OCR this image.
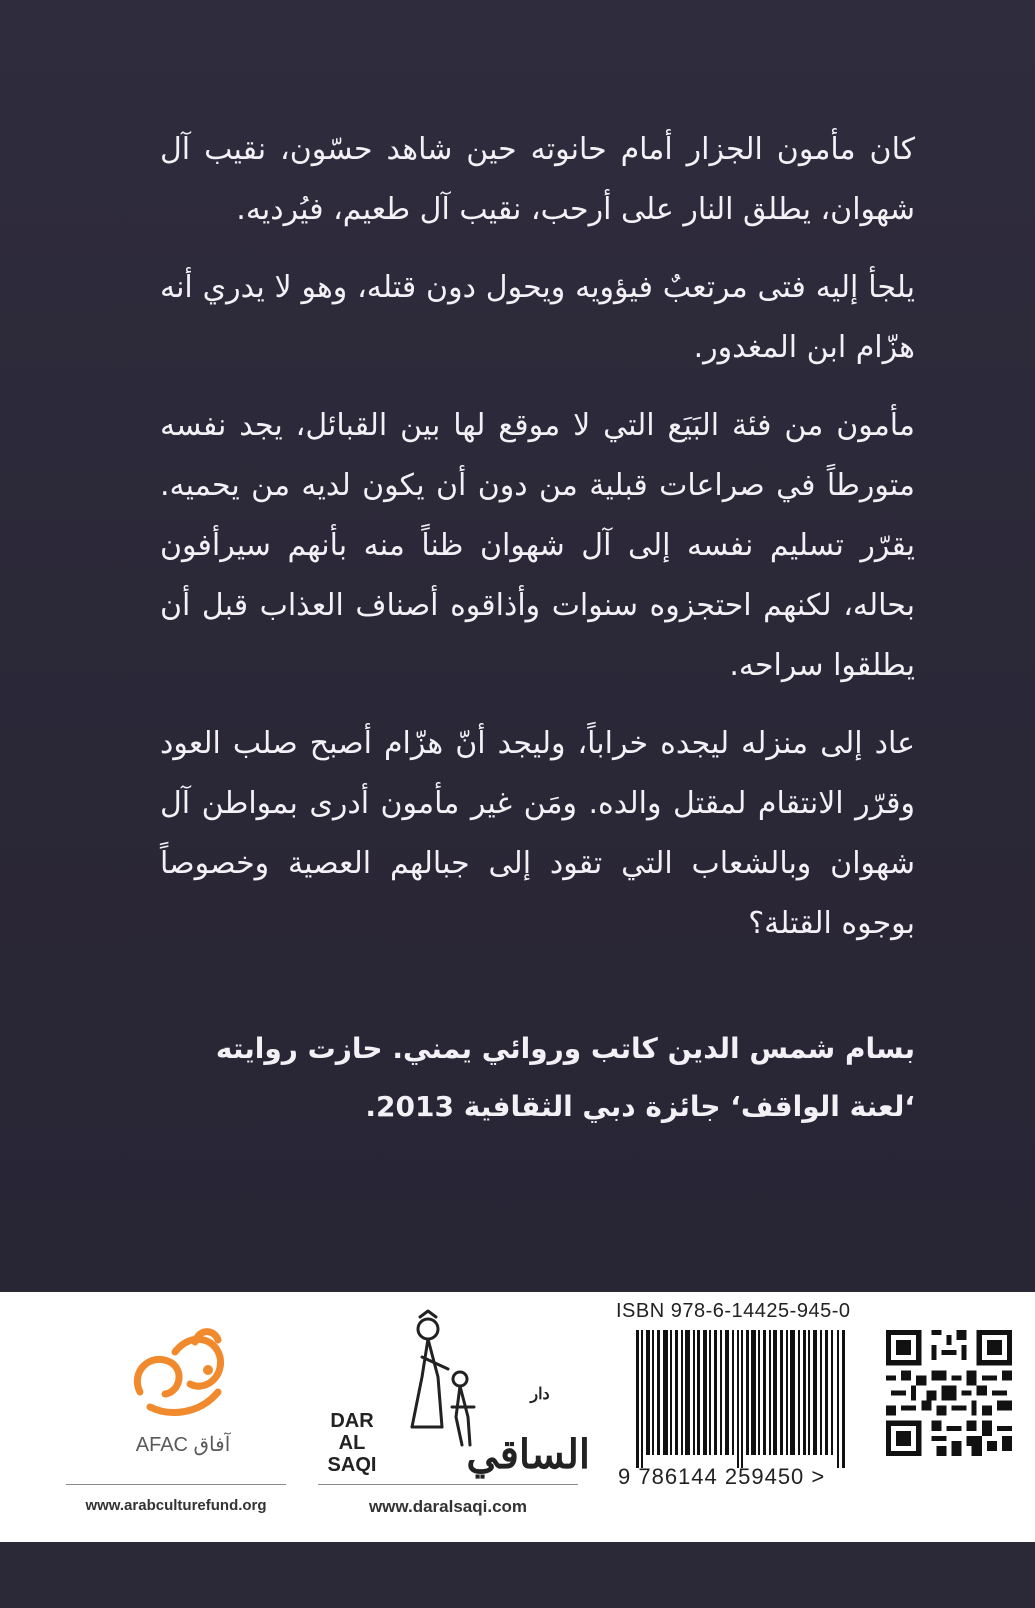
كان مأمون الجزار أمام حانوته حين شاهد حسّون، نقيب آل شهوان، يطلق النار على أرحب، نقيب آل طعيم، فيُرديه.

يلجأ إليه فتى مرتعبٌ فيؤويه ويحول دون قتله، وهو لا يدري أنه هزّام ابن المغدور.

مأمون من فئة البَيَع التي لا موقع لها بين القبائل، يجد نفسه متورطاً في صراعات قبلية من دون أن يكون لديه من يحميه. يقرّر تسليم نفسه إلى آل شهوان ظناً منه بأنهم سيرأفون بحاله، لكنهم احتجزوه سنوات وأذاقوه أصناف العذاب قبل أن يطلقوا سراحه.

عاد إلى منزله ليجده خراباً، وليجد أنّ هزّام أصبح صلب العود وقرّر الانتقام لمقتل والده. ومَن غير مأمون أدرى بمواطن آل شهوان وبالشعاب التي تقود إلى جبالهم العصية وخصوصاً بوجوه القتلة؟

بسام شمس الدين كاتب وروائي يمني. حازت روايته ‘لعنة الواقف‘ جائزة دبي الثقافية 2013.
AFAC آفاق
www.arabculturefund.org
DAR
AL SAQI
$^{دار}$ الساقي
www.daralsaqi.com
ISBN 978-6-14425-945-0
9 786144 259450 >
